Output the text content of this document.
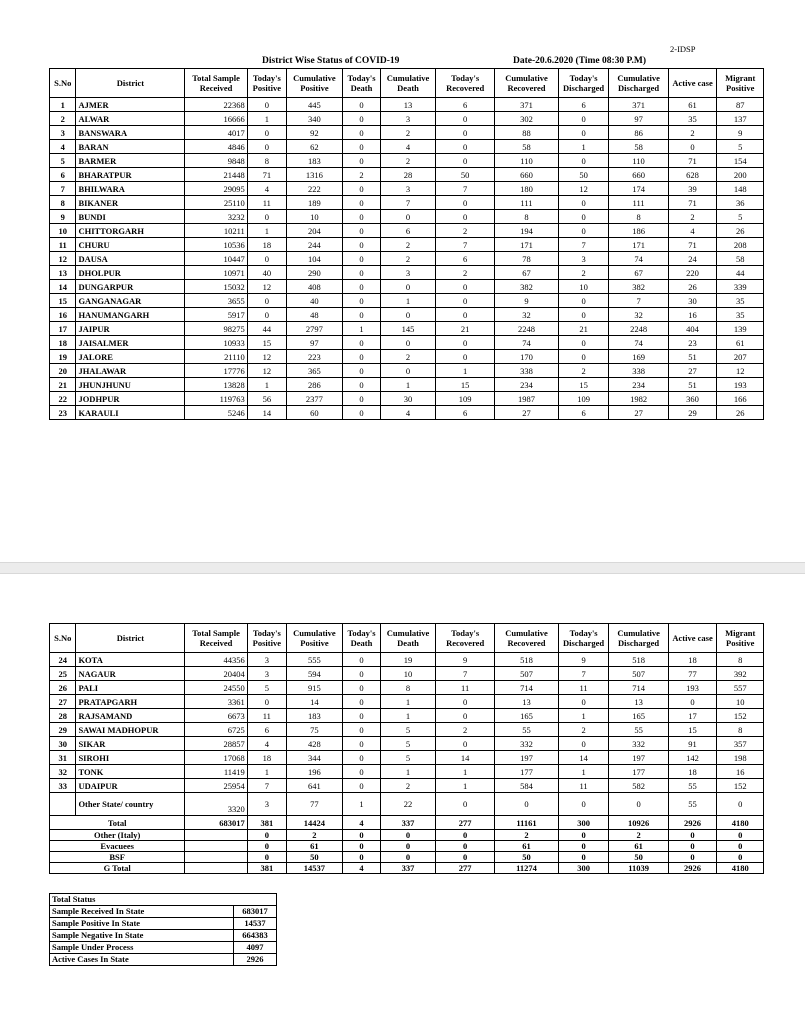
2-IDSP
District Wise Status of COVID-19	Date-20.6.2020 (Time 08:30 P.M)
S.No	District	Total Sample Received	Today's Positive	Cumulative Positive	Today's Death	Cumulative Death	Today's Recovered	Cumulative Recovered	Today's Discharged	Cumulative Discharged	Active case	Migrant Positive
1	AJMER	22368	0	445	0	13	6	371	6	371	61	87
2	ALWAR	16666	1	340	0	3	0	302	0	97	35	137
3	BANSWARA	4017	0	92	0	2	0	88	0	86	2	9
4	BARAN	4846	0	62	0	4	0	58	1	58	0	5
5	BARMER	9848	8	183	0	2	0	110	0	110	71	154
6	BHARATPUR	21448	71	1316	2	28	50	660	50	660	628	200
7	BHILWARA	29095	4	222	0	3	7	180	12	174	39	148
8	BIKANER	25110	11	189	0	7	0	111	0	111	71	36
9	BUNDI	3232	0	10	0	0	0	8	0	8	2	5
10	CHITTORGARH	10211	1	204	0	6	2	194	0	186	4	26
11	CHURU	10536	18	244	0	2	7	171	7	171	71	208
12	DAUSA	10447	0	104	0	2	6	78	3	74	24	58
13	DHOLPUR	10971	40	290	0	3	2	67	2	67	220	44
14	DUNGARPUR	15032	12	408	0	0	0	382	10	382	26	339
15	GANGANAGAR	3655	0	40	0	1	0	9	0	7	30	35
16	HANUMANGARH	5917	0	48	0	0	0	32	0	32	16	35
17	JAIPUR	98275	44	2797	1	145	21	2248	21	2248	404	139
18	JAISALMER	10933	15	97	0	0	0	74	0	74	23	61
19	JALORE	21110	12	223	0	2	0	170	0	169	51	207
20	JHALAWAR	17776	12	365	0	0	1	338	2	338	27	12
21	JHUNJHUNU	13828	1	286	0	1	15	234	15	234	51	193
22	JODHPUR	119763	56	2377	0	30	109	1987	109	1982	360	166
23	KARAULI	5246	14	60	0	4	6	27	6	27	29	26
S.No	District	Total Sample Received	Today's Positive	Cumulative Positive	Today's Death	Cumulative Death	Today's Recovered	Cumulative Recovered	Today's Discharged	Cumulative Discharged	Active case	Migrant Positive
24	KOTA	44356	3	555	0	19	9	518	9	518	18	8
25	NAGAUR	20404	3	594	0	10	7	507	7	507	77	392
26	PALI	24550	5	915	0	8	11	714	11	714	193	557
27	PRATAPGARH	3361	0	14	0	1	0	13	0	13	0	10
28	RAJSAMAND	6673	11	183	0	1	0	165	1	165	17	152
29	SAWAI MADHOPUR	6725	6	75	0	5	2	55	2	55	15	8
30	SIKAR	28857	4	428	0	5	0	332	0	332	91	357
31	SIROHI	17068	18	344	0	5	14	197	14	197	142	198
32	TONK	11419	1	196	0	1	1	177	1	177	18	16
33	UDAIPUR	25954	7	641	0	2	1	584	11	582	55	152
	Other State/ country	3320	3	77	1	22	0	0	0	0	55	0
Total		683017	381	14424	4	337	277	11161	300	10926	2926	4180
Other (Italy)			0	2	0	0	0	2	0	2	0	0
Evacuees			0	61	0	0	0	61	0	61	0	0
BSF			0	50	0	0	0	50	0	50	0	0
G Total			381	14537	4	337	277	11274	300	11039	2926	4180
Total Status	
Sample Received In State	683017
Sample Positive In State	14537
Sample Negative In State	664383
Sample Under Process	4097
Active Cases In State	2926
